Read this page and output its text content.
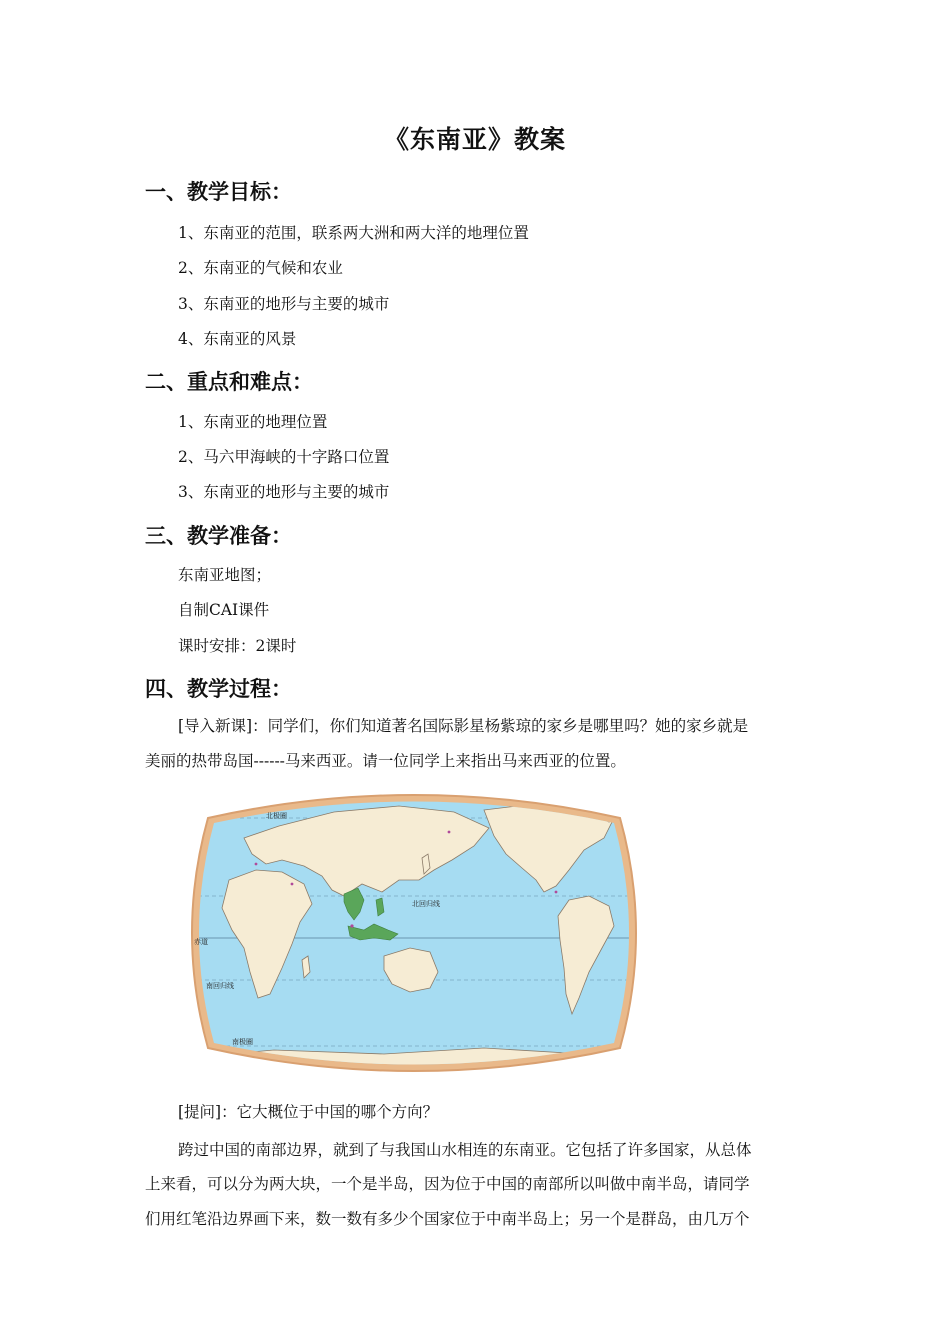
《东南亚》教案
一、教学目标：
1、东南亚的范围，联系两大洲和两大洋的地理位置
2、东南亚的气候和农业
3、东南亚的地形与主要的城市
4、东南亚的风景
二、重点和难点：
1、东南亚的地理位置
2、马六甲海峡的十字路口位置
3、东南亚的地形与主要的城市
三、教学准备：
东南亚地图；
自制CAI课件
课时安排：2课时
四、教学过程：
[导入新课]：同学们，你们知道著名国际影星杨紫琼的家乡是哪里吗？她的家乡就是
美丽的热带岛国------马来西亚。请一位同学上来指出马来西亚的位置。
北极圈
北回归线
赤道
南回归线
南极圈
[提问]：它大概位于中国的哪个方向？
跨过中国的南部边界，就到了与我国山水相连的东南亚。它包括了许多国家，从总体
上来看，可以分为两大块，一个是半岛，因为位于中国的南部所以叫做中南半岛，请同学
们用红笔沿边界画下来，数一数有多少个国家位于中南半岛上；另一个是群岛，由几万个
